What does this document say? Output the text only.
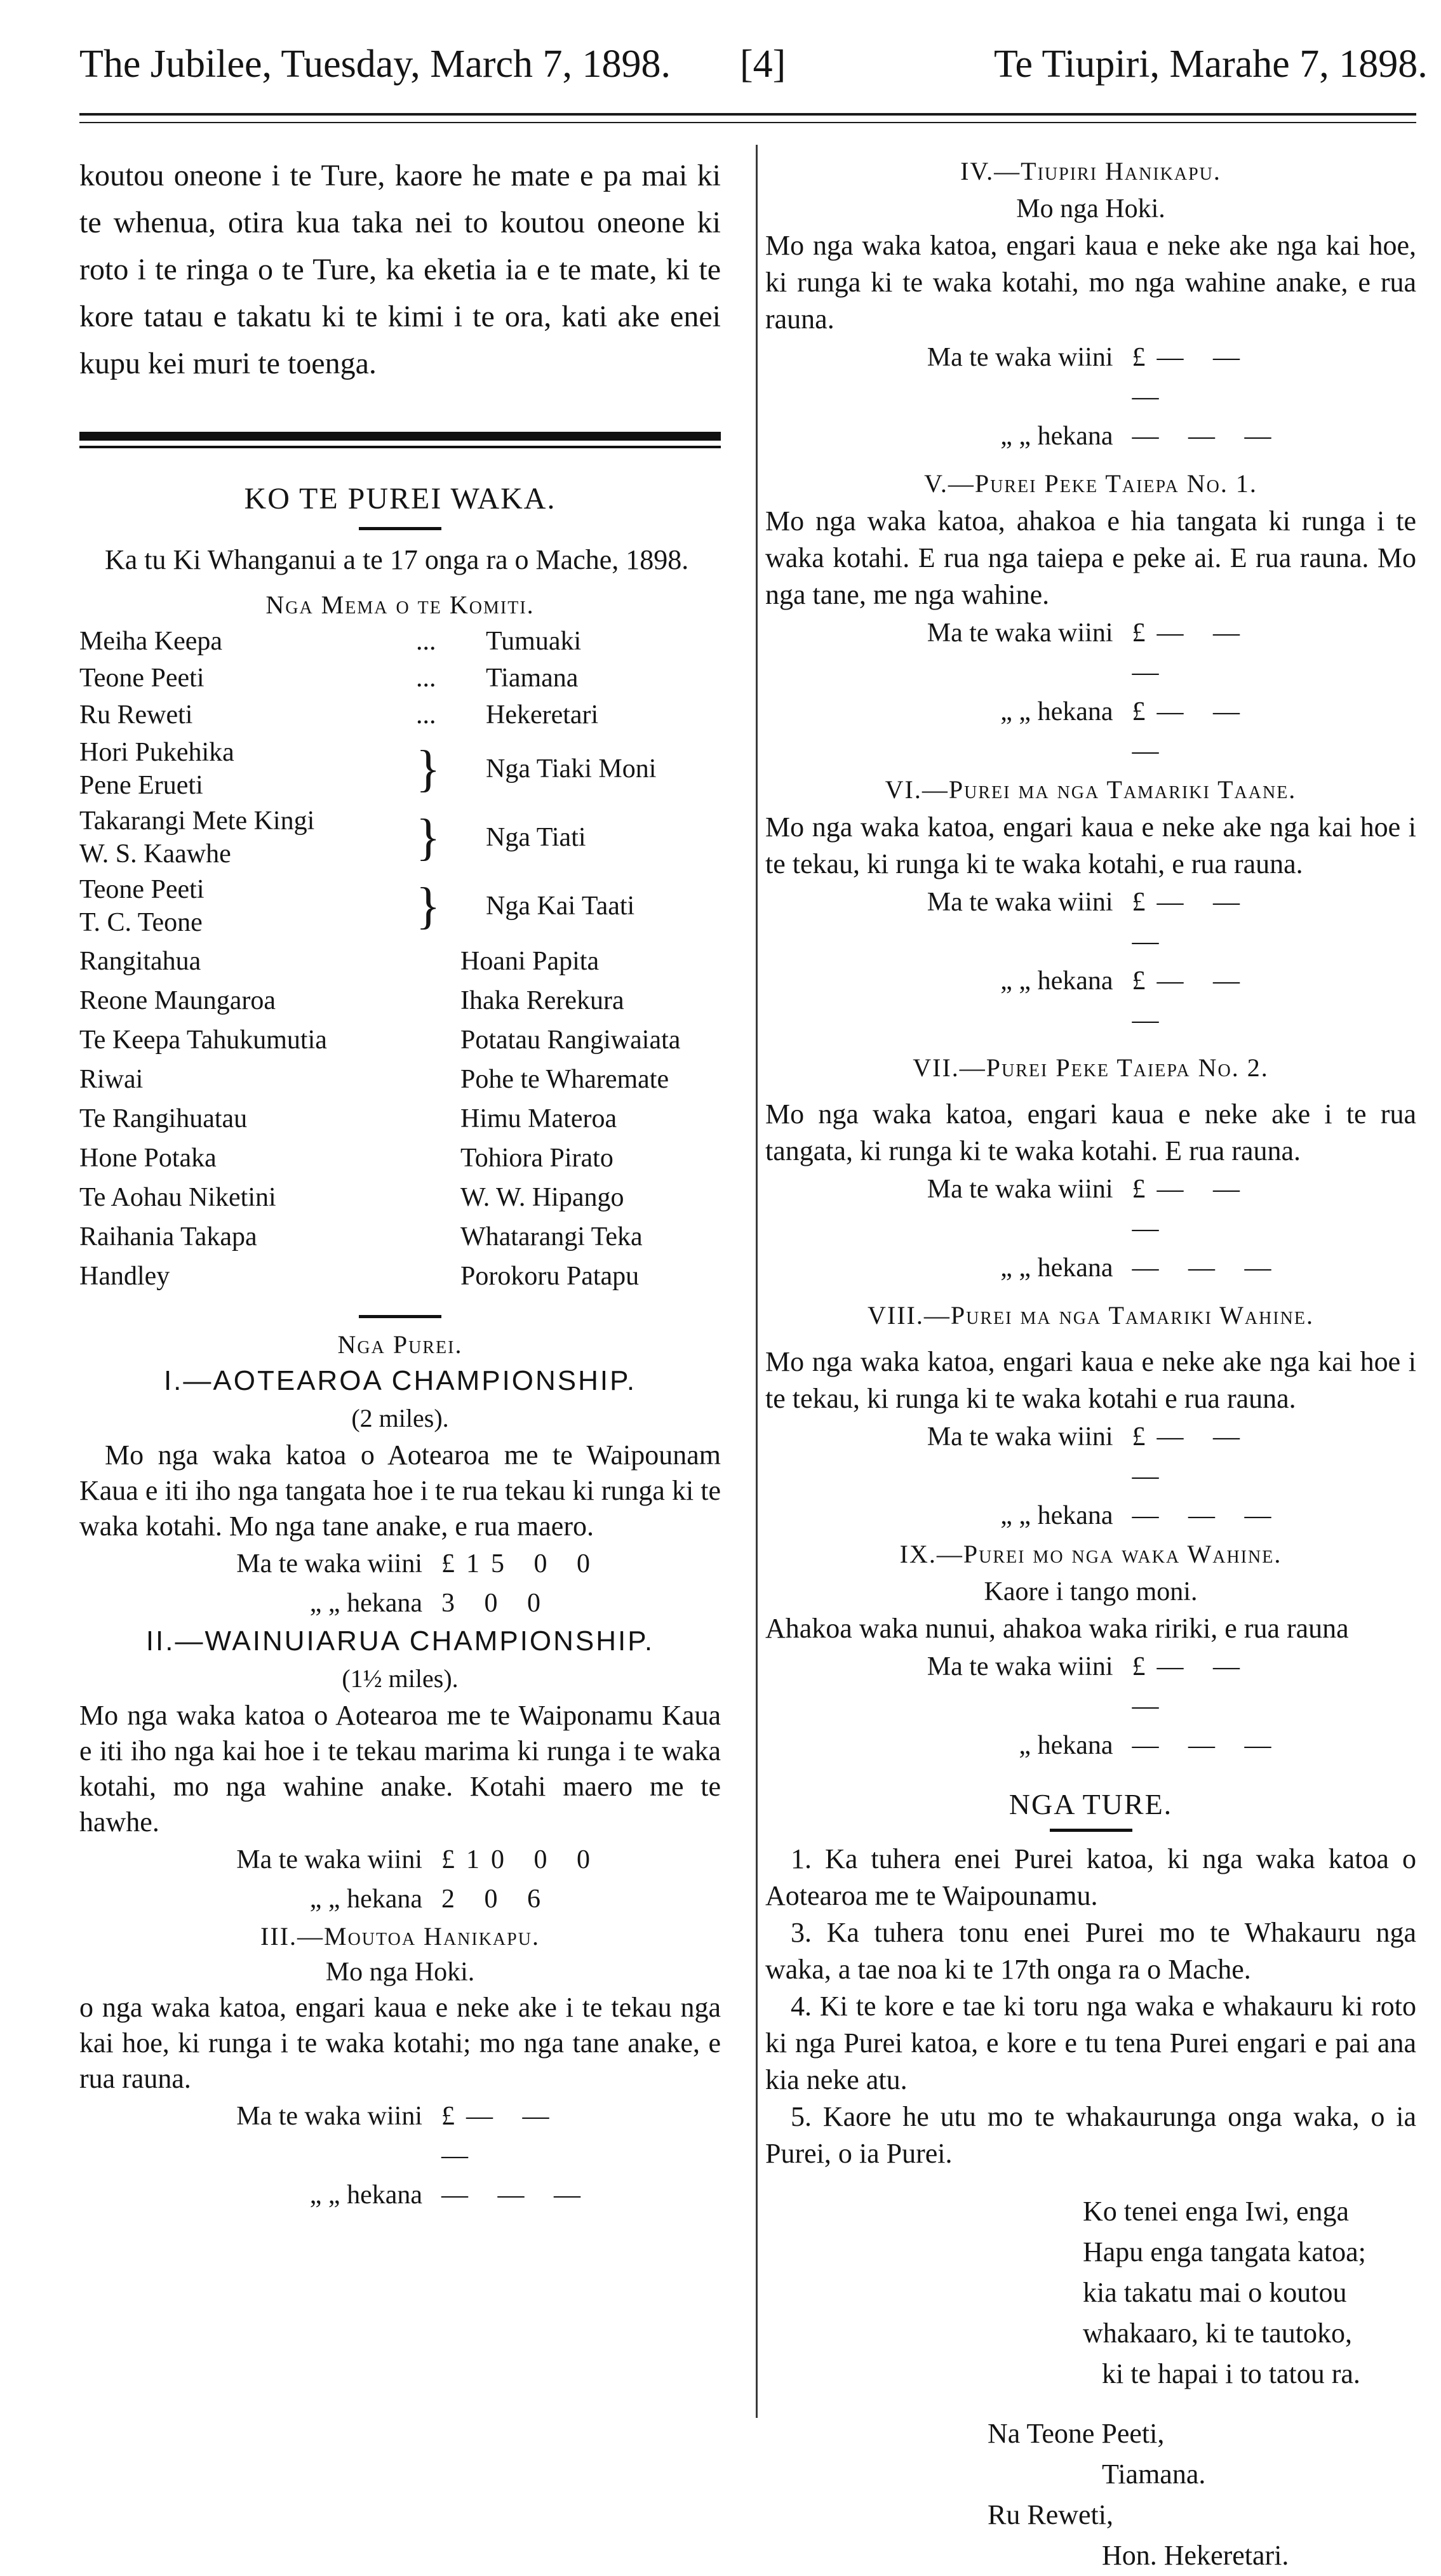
The Jubilee, Tuesday, March 7, 1898. [4]	Te Tiupiri, Marahe 7, 1898.

koutou oneone i te Ture, kaore he mate e pa mai ki te whenua, otira kua taka nei to koutou oneone ki roto i te ringa o te Ture, ka eketia ia e te mate, ki te kore tatau e takatu ki te kimi i te ora, kati ake enei kupu kei muri te toenga.

KO TE PUREI WAKA.

Ka tu Ki Whanganui a te 17 onga ra o Mache, 1898.

Nga Mema o te Komiti.

Meiha Keepa	...	Tumuaki
Teone Peeti	...	Tiamana
Ru Reweti	...	Hekeretari
Hori Pukehika
Pene Erueti	}	Nga Tiaki Moni
Takarangi Mete Kingi
W. S. Kaawhe	}	Nga Tiati
Teone Peeti
T. C. Teone	}	Nga Kai Taati
Rangitahua	Hoani Papita
Reone Maungaroa	Ihaka Rerekura
Te Keepa Tahukumutia	Potatau Rangiwaiata
Riwai	Pohe te Wharemate
Te Rangihuatau	Himu Materoa
Hone Potaka	Tohiora Pirato
Te Aohau Niketini	W. W. Hipango
Raihania Takapa	Whatarangi Teka
Handley	Porokoru Patapu

Nga Purei.

I.—AOTEAROA CHAMPIONSHIP.

(2 miles).

Mo nga waka katoa o Aotearoa me te Waipounam Kaua e iti iho nga tangata hoe i te rua tekau ki runga ki te waka kotahi. Mo nga tane anake, e rua maero.

Ma te waka wiini £15 0 0
„ „ hekana 3 0 0

II.—WAINUIARUA CHAMPIONSHIP.

(1½ miles).

Mo nga waka katoa o Aotearoa me te Waiponamu Kaua e iti iho nga kai hoe i te tekau marima ki runga i te waka kotahi, mo nga wahine anake. Kotahi maero me te hawhe.

Ma te waka wiini £10 0 0
„ „ hekana 2 0 6

III.—Moutoa Hanikapu.

Mo nga Hoki.

o nga waka katoa, engari kaua e neke ake i te tekau nga kai hoe, ki runga i te waka kotahi; mo nga tane anake, e rua rauna.

Ma te waka wiini £— — —
„ „ hekana — — —

IV.—Tiupiri Hanikapu.

Mo nga Hoki.

Mo nga waka katoa, engari kaua e neke ake nga kai hoe, ki runga ki te waka kotahi, mo nga wahine anake, e rua rauna.

Ma te waka wiini £— — —
„ „ hekana — — —

V.—Purei Peke Taiepa No. 1.

Mo nga waka katoa, ahakoa e hia tangata ki runga i te waka kotahi. E rua nga taiepa e peke ai. E rua rauna. Mo nga tane, me nga wahine.

Ma te waka wiini £— — —
„ „ hekana £— — —

VI.—Purei ma nga Tamariki Taane.

Mo nga waka katoa, engari kaua e neke ake nga kai hoe i te tekau, ki runga ki te waka kotahi, e rua rauna.

Ma te waka wiini £— — —
„ „ hekana £— — —

VII.—Purei Peke Taiepa No. 2.

Mo nga waka katoa, engari kaua e neke ake i te rua tangata, ki runga ki te waka kotahi. E rua rauna.

Ma te waka wiini £— — —
„ „ hekana — — —

VIII.—Purei ma nga Tamariki Wahine.

Mo nga waka katoa, engari kaua e neke ake nga kai hoe i te tekau, ki runga ki te waka kotahi e rua rauna.

Ma te waka wiini £— — —
„ „ hekana — — —

IX.—Purei mo nga waka Wahine.

Kaore i tango moni.

Ahakoa waka nunui, ahakoa waka ririki, e rua rauna

Ma te waka wiini £— — —
„ hekana — — —

NGA TURE.

1. Ka tuhera enei Purei katoa, ki nga waka katoa o Aotearoa me te Waipounamu.

3. Ka tuhera tonu enei Purei mo te Whakauru nga waka, a tae noa ki te 17th onga ra o Mache.

4. Ki te kore e tae ki toru nga waka e whakauru ki roto ki nga Purei katoa, e kore e tu tena Purei engari e pai ana kia neke atu.

5. Kaore he utu mo te whakaurunga onga waka, o ia Purei, o ia Purei.

Ko tenei enga Iwi, enga
Hapu enga tangata katoa;
kia takatu mai o koutou
whakaaro, ki te tautoko,
ki te hapai i to tatou ra.
Na Teone Peeti,
Tiamana.
Ru Reweti,
Hon. Hekeretari.
